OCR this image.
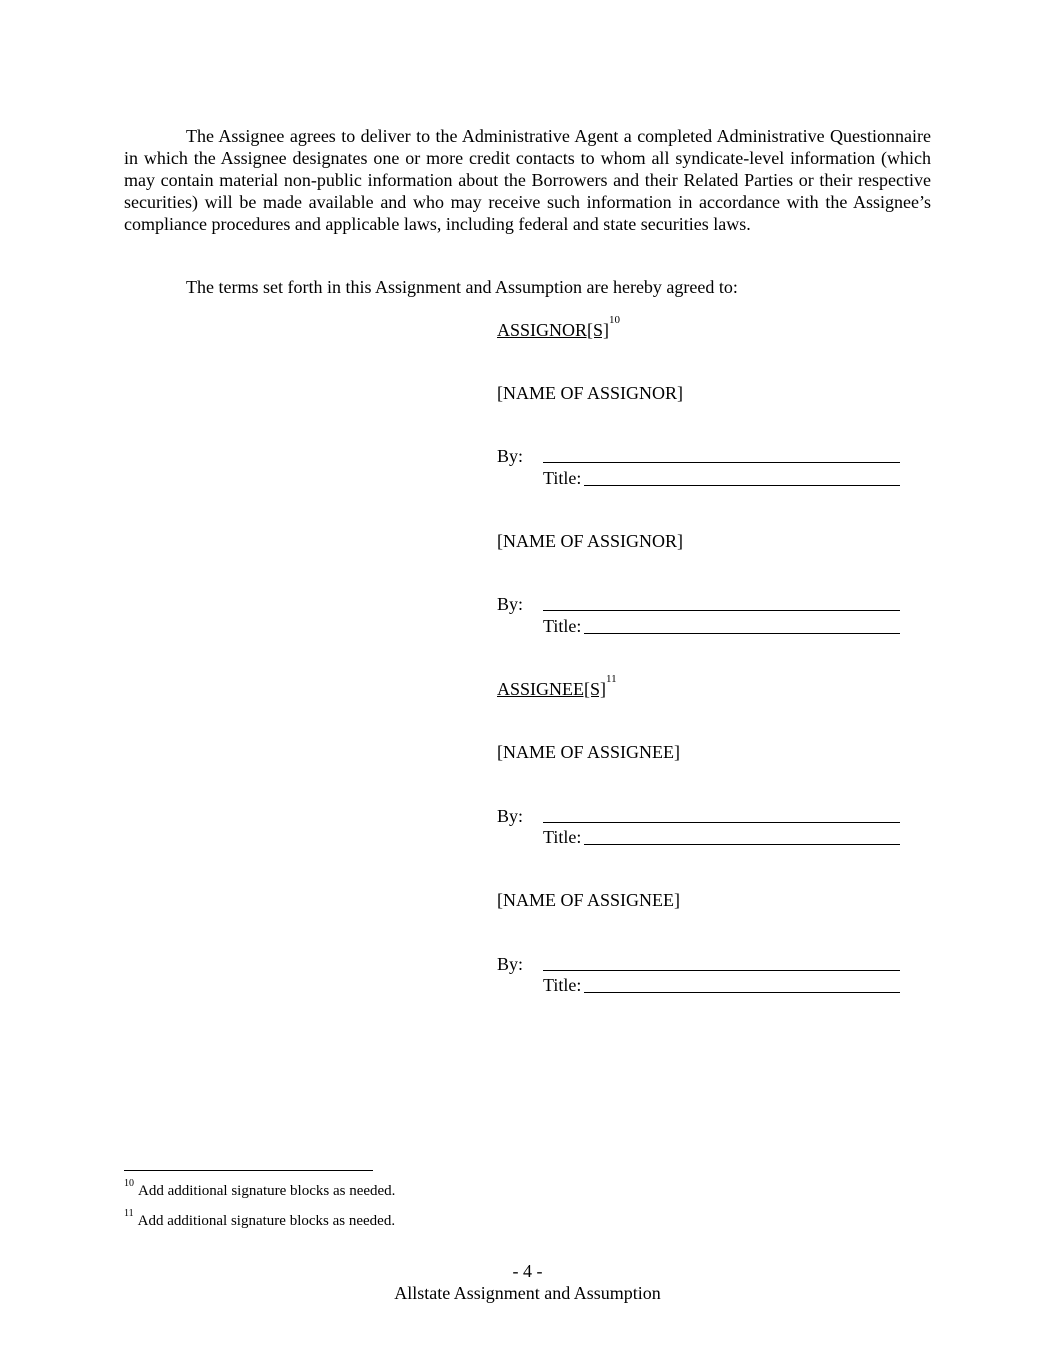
The Assignee agrees to deliver to the Administrative Agent a completed Administrative Questionnaire in which the Assignee designates one or more credit contacts to whom all syndicate-level information (which may contain material non-public information about the Borrowers and their Related Parties or their respective securities) will be made available and who may receive such information in accordance with the Assignee’s compliance procedures and applicable laws, including federal and state securities laws.

The terms set forth in this Assignment and Assumption are hereby agreed to:

ASSIGNOR[S]10
[NAME OF ASSIGNOR]
By:
Title:
[NAME OF ASSIGNOR]
By:
Title:
ASSIGNEE[S]11
[NAME OF ASSIGNEE]
By:
Title:
[NAME OF ASSIGNEE]
By:
Title:
10 Add additional signature blocks as needed.
11 Add additional signature blocks as needed.
- 4 -
Allstate Assignment and Assumption
